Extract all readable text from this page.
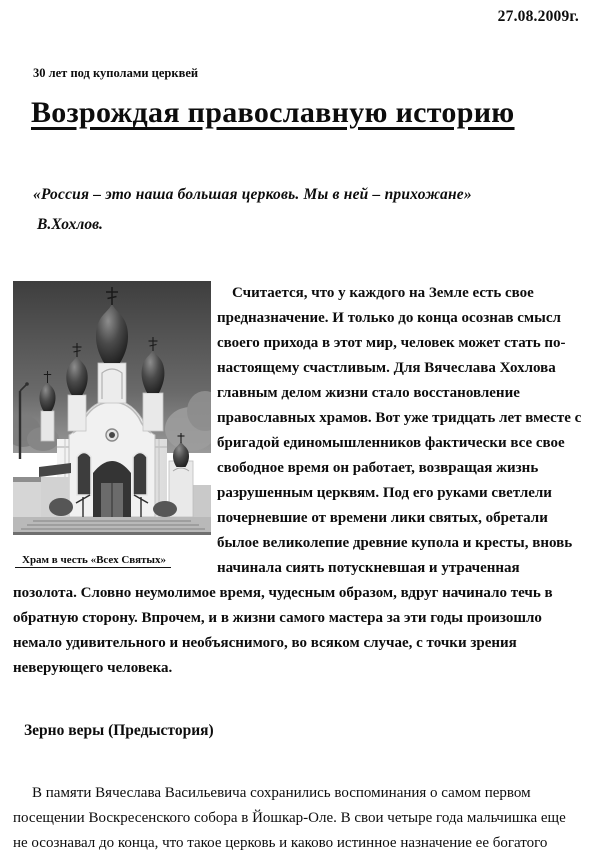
27.08.2009г.
30 лет под куполами церквей
Возрождая православную историю
«Россия – это наша большая церковь. Мы в ней – прихожане»
В.Хохлов.
Храм в честь «Всех Святых»

Считается, что у каждого на Земле есть свое предназначение. И только до конца осознав смысл своего прихода в этот мир, человек может стать по-настоящему счастливым. Для Вячеслава Хохлова главным делом жизни стало восстановление православных храмов. Вот уже тридцать лет вместе с бригадой единомышленников фактически все свое свободное время он работает, возвращая жизнь разрушенным церквям. Под его руками светлели почерневшие от времени лики святых, обретали былое великолепие древние купола и кресты, вновь начинала сиять потускневшая и утраченная позолота. Словно неумолимое время, чудесным образом, вдруг начинало течь в обратную сторону. Впрочем, и в жизни самого мастера за эти годы произошло немало удивительного и необъяснимого, во всяком случае, с точки зрения неверующего человека.

Зерно веры (Предыстория)

В памяти Вячеслава Васильевича сохранились воспоминания о самом первом посещении Воскресенского собора в Йошкар-Оле. В свои четыре года мальчишка еще не осознавал до конца, что такое церковь и каково истинное назначение ее богатого
